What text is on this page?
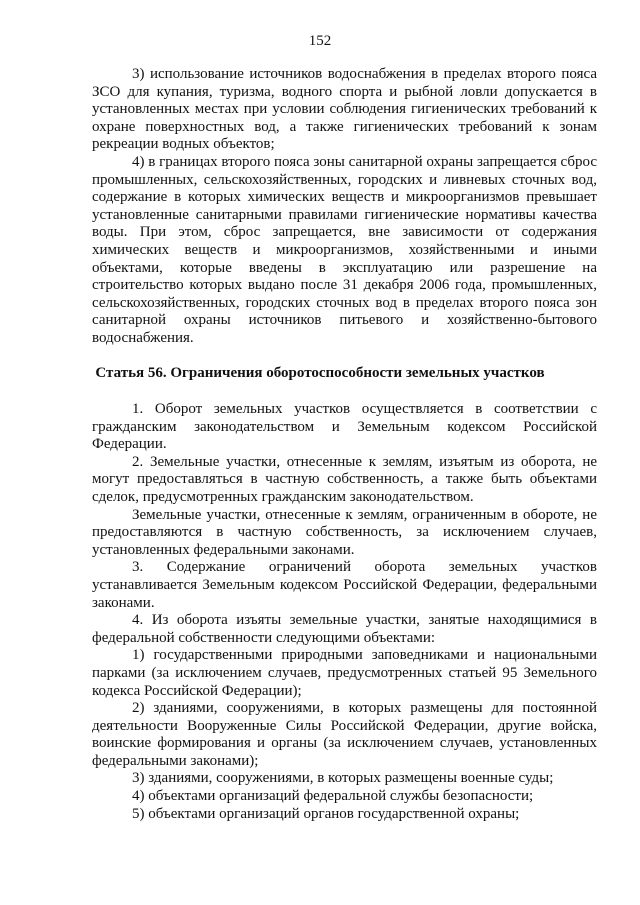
152

3) использование источников водоснабжения в пределах второго пояса ЗСО для купания, туризма, водного спорта и рыбной ловли допускается в установленных местах при условии соблюдения гигиенических требований к охране поверхностных вод, а также гигиенических требований к зонам рекреации водных объектов;

4) в границах второго пояса зоны санитарной охраны запрещается сброс промышленных, сельскохозяйственных, городских и ливневых сточных вод, содержание в которых химических веществ и микроорганизмов превышает установленные санитарными правилами гигиенические нормативы качества воды. При этом, сброс запрещается, вне зависимости от содержания химических веществ и микроорганизмов, хозяйственными и иными объектами, которые введены в эксплуатацию или разрешение на строительство которых выдано после 31 декабря 2006 года, промышленных, сельскохозяйственных, городских сточных вод в пределах второго пояса зон санитарной охраны источников питьевого и хозяйственно-бытового водоснабжения.

Статья 56. Ограничения оборотоспособности земельных участков

1. Оборот земельных участков осуществляется в соответствии с гражданским законодательством и Земельным кодексом Российской Федерации.

2. Земельные участки, отнесенные к землям, изъятым из оборота, не могут предоставляться в частную собственность, а также быть объектами сделок, предусмотренных гражданским законодательством.

Земельные участки, отнесенные к землям, ограниченным в обороте, не предоставляются в частную собственность, за исключением случаев, установленных федеральными законами.

3. Содержание ограничений оборота земельных участков устанавливается Земельным кодексом Российской Федерации, федеральными законами.

4. Из оборота изъяты земельные участки, занятые находящимися в федеральной собственности следующими объектами:

1) государственными природными заповедниками и национальными парками (за исключением случаев, предусмотренных статьей 95 Земельного кодекса Российской Федерации);

2) зданиями, сооружениями, в которых размещены для постоянной деятельности Вооруженные Силы Российской Федерации, другие войска, воинские формирования и органы (за исключением случаев, установленных федеральными законами);

3) зданиями, сооружениями, в которых размещены военные суды;

4) объектами организаций федеральной службы безопасности;

5) объектами организаций органов государственной охраны;
